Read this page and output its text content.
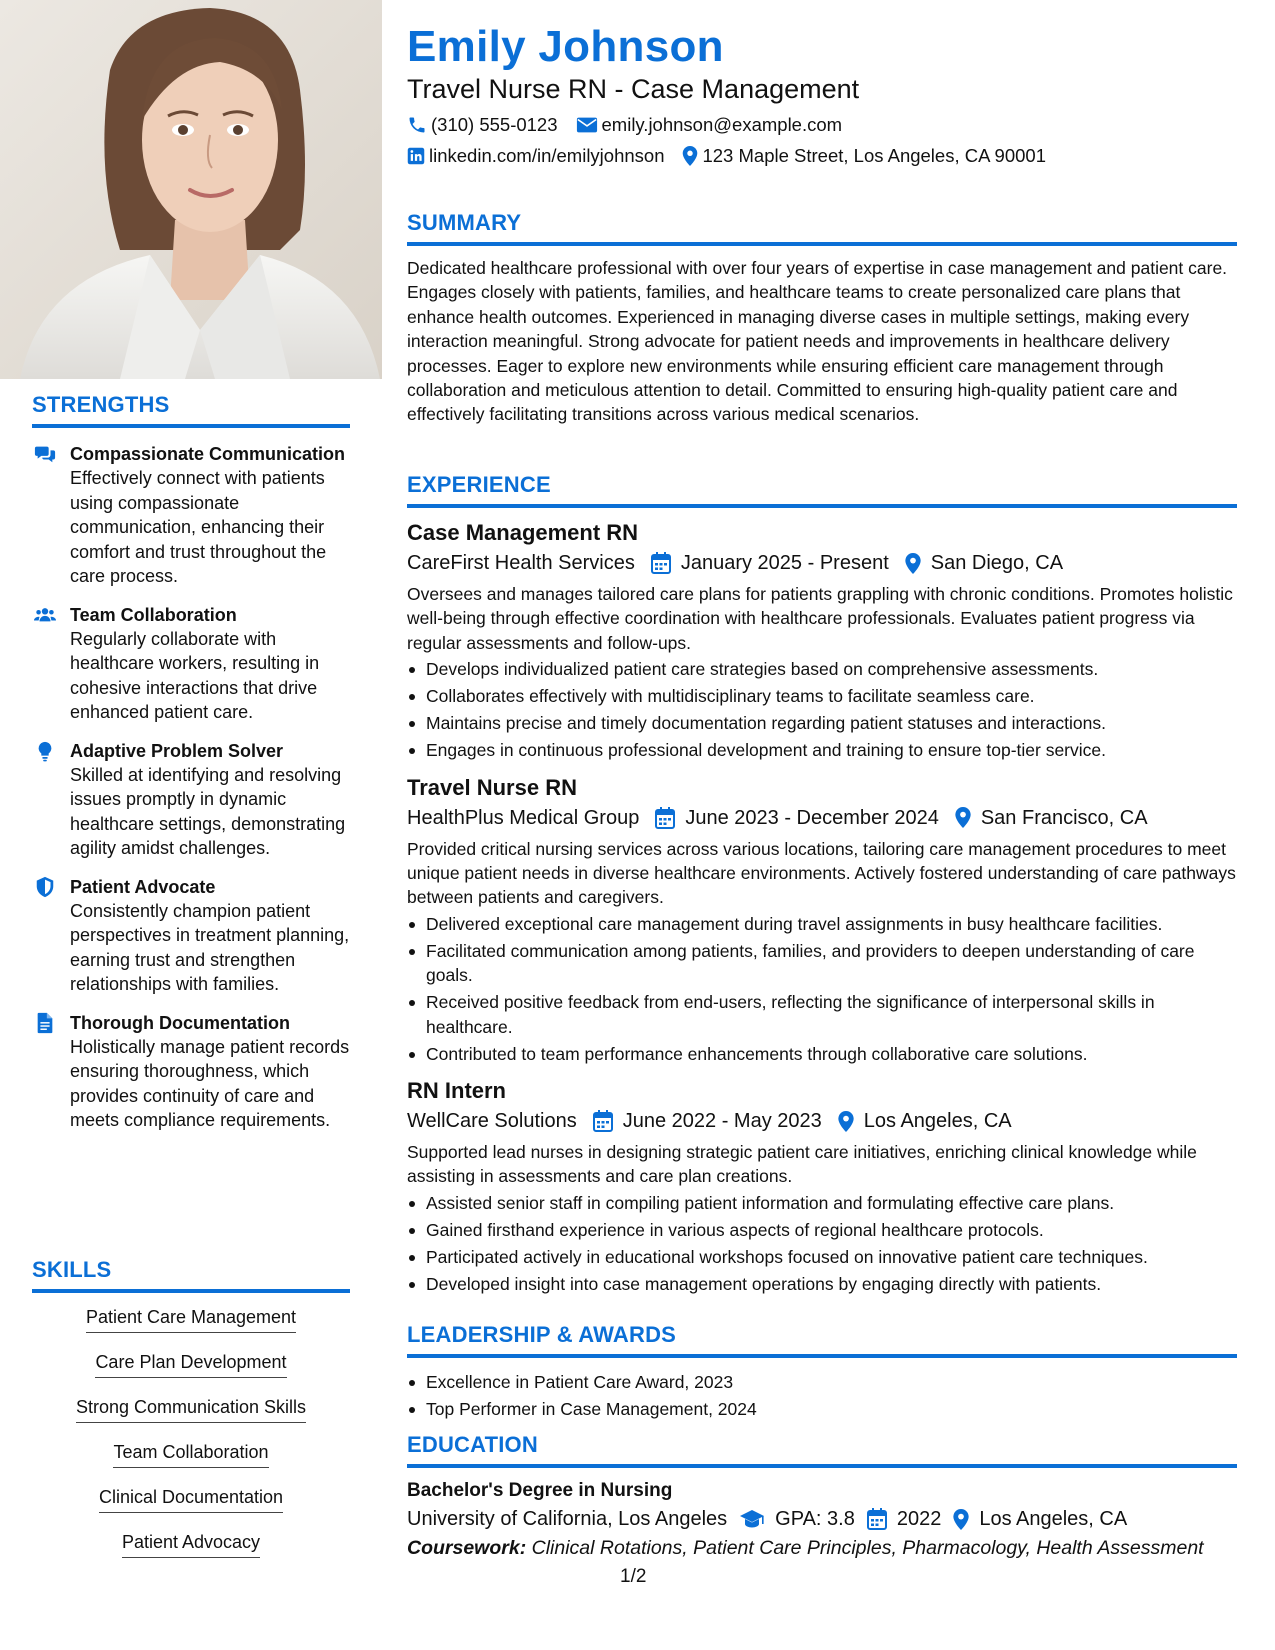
STRENGTHS
Compassionate Communication
Effectively connect with patients using compassionate communication, enhancing their comfort and trust throughout the care process.
Team Collaboration
Regularly collaborate with healthcare workers, resulting in cohesive interactions that drive enhanced patient care.
Adaptive Problem Solver
Skilled at identifying and resolving issues promptly in dynamic healthcare settings, demonstrating agility amidst challenges.
Patient Advocate
Consistently champion patient perspectives in treatment planning, earning trust and strengthen relationships with families.
Thorough Documentation
Holistically manage patient records ensuring thoroughness, which provides continuity of care and meets compliance requirements.
SKILLS
Patient Care Management
Care Plan Development
Strong Communication Skills
Team Collaboration
Clinical Documentation
Patient Advocacy
Emily Johnson
Travel Nurse RN - Case Management
(310) 555-0123 emily.johnson@example.com
linkedin.com/in/emilyjohnson 123 Maple Street, Los Angeles, CA 90001
SUMMARY
Dedicated healthcare professional with over four years of expertise in case management and patient care. Engages closely with patients, families, and healthcare teams to create personalized care plans that enhance health outcomes. Experienced in managing diverse cases in multiple settings, making every interaction meaningful. Strong advocate for patient needs and improvements in healthcare delivery processes. Eager to explore new environments while ensuring efficient care management through collaboration and meticulous attention to detail. Committed to ensuring high-quality patient care and effectively facilitating transitions across various medical scenarios.
EXPERIENCE
Case Management RN
CareFirst Health Services January 2025 - Present San Diego, CA
Oversees and manages tailored care plans for patients grappling with chronic conditions. Promotes holistic well-being through effective coordination with healthcare professionals. Evaluates patient progress via regular assessments and follow-ups.
Develops individualized patient care strategies based on comprehensive assessments.
Collaborates effectively with multidisciplinary teams to facilitate seamless care.
Maintains precise and timely documentation regarding patient statuses and interactions.
Engages in continuous professional development and training to ensure top-tier service.
Travel Nurse RN
HealthPlus Medical Group June 2023 - December 2024 San Francisco, CA
Provided critical nursing services across various locations, tailoring care management procedures to meet unique patient needs in diverse healthcare environments. Actively fostered understanding of care pathways between patients and caregivers.
Delivered exceptional care management during travel assignments in busy healthcare facilities.
Facilitated communication among patients, families, and providers to deepen understanding of care goals.
Received positive feedback from end-users, reflecting the significance of interpersonal skills in healthcare.
Contributed to team performance enhancements through collaborative care solutions.
RN Intern
WellCare Solutions June 2022 - May 2023 Los Angeles, CA
Supported lead nurses in designing strategic patient care initiatives, enriching clinical knowledge while assisting in assessments and care plan creations.
Assisted senior staff in compiling patient information and formulating effective care plans.
Gained firsthand experience in various aspects of regional healthcare protocols.
Participated actively in educational workshops focused on innovative patient care techniques.
Developed insight into case management operations by engaging directly with patients.
LEADERSHIP & AWARDS
Excellence in Patient Care Award, 2023
Top Performer in Case Management, 2024
EDUCATION
Bachelor's Degree in Nursing
University of California, Los Angeles GPA: 3.8 2022 Los Angeles, CA
Coursework: Clinical Rotations, Patient Care Principles, Pharmacology, Health Assessment
1/2
